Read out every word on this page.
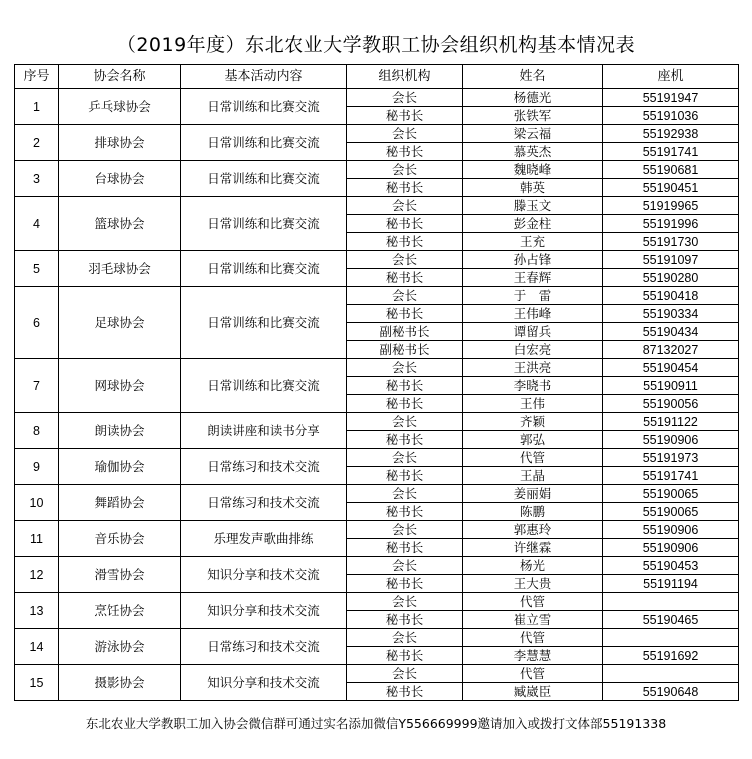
（2019年度）东北农业大学教职工协会组织机构基本情况表
序号	协会名称	基本活动内容	组织机构	姓名	座机
1	乒乓球协会	日常训练和比赛交流	会长	杨德光	55191947
			秘书长	张铁军	55191036
2	排球协会	日常训练和比赛交流	会长	梁云福	55192938
			秘书长	慕英杰	55191741
3	台球协会	日常训练和比赛交流	会长	魏晓峰	55190681
			秘书长	韩英	55190451
4	篮球协会	日常训练和比赛交流	会长	滕玉文	51919965
			秘书长	彭金柱	55191996
			秘书长	王充	55191730
5	羽毛球协会	日常训练和比赛交流	会长	孙占锋	55191097
			秘书长	王春辉	55190280
6	足球协会	日常训练和比赛交流	会长	于　雷	55190418
			秘书长	王伟峰	55190334
			副秘书长	谭留兵	55190434
			副秘书长	白宏亮	87132027
7	网球协会	日常训练和比赛交流	会长	王洪亮	55190454
			秘书长	李晓书	55190911
			秘书长	王伟	55190056
8	朗读协会	朗读讲座和读书分享	会长	齐颖	55191122
			秘书长	郭弘	55190906
9	瑜伽协会	日常练习和技术交流	会长	代管	55191973
			秘书长	王晶	55191741
10	舞蹈协会	日常练习和技术交流	会长	姜丽娟	55190065
			秘书长	陈鹏	55190065
11	音乐协会	乐理发声歌曲排练	会长	郭惠玲	55190906
			秘书长	许继霖	55190906
12	滑雪协会	知识分享和技术交流	会长	杨光	55190453
			秘书长	王大贵	55191194
13	烹饪协会	知识分享和技术交流	会长	代管	
			秘书长	崔立雪	55190465
14	游泳协会	日常练习和技术交流	会长	代管	
			秘书长	李慧慧	55191692
15	摄影协会	知识分享和技术交流	会长	代管	
			秘书长	臧崴臣	55190648
东北农业大学教职工加入协会微信群可通过实名添加微信Y556669999邀请加入或拨打文体部55191338
